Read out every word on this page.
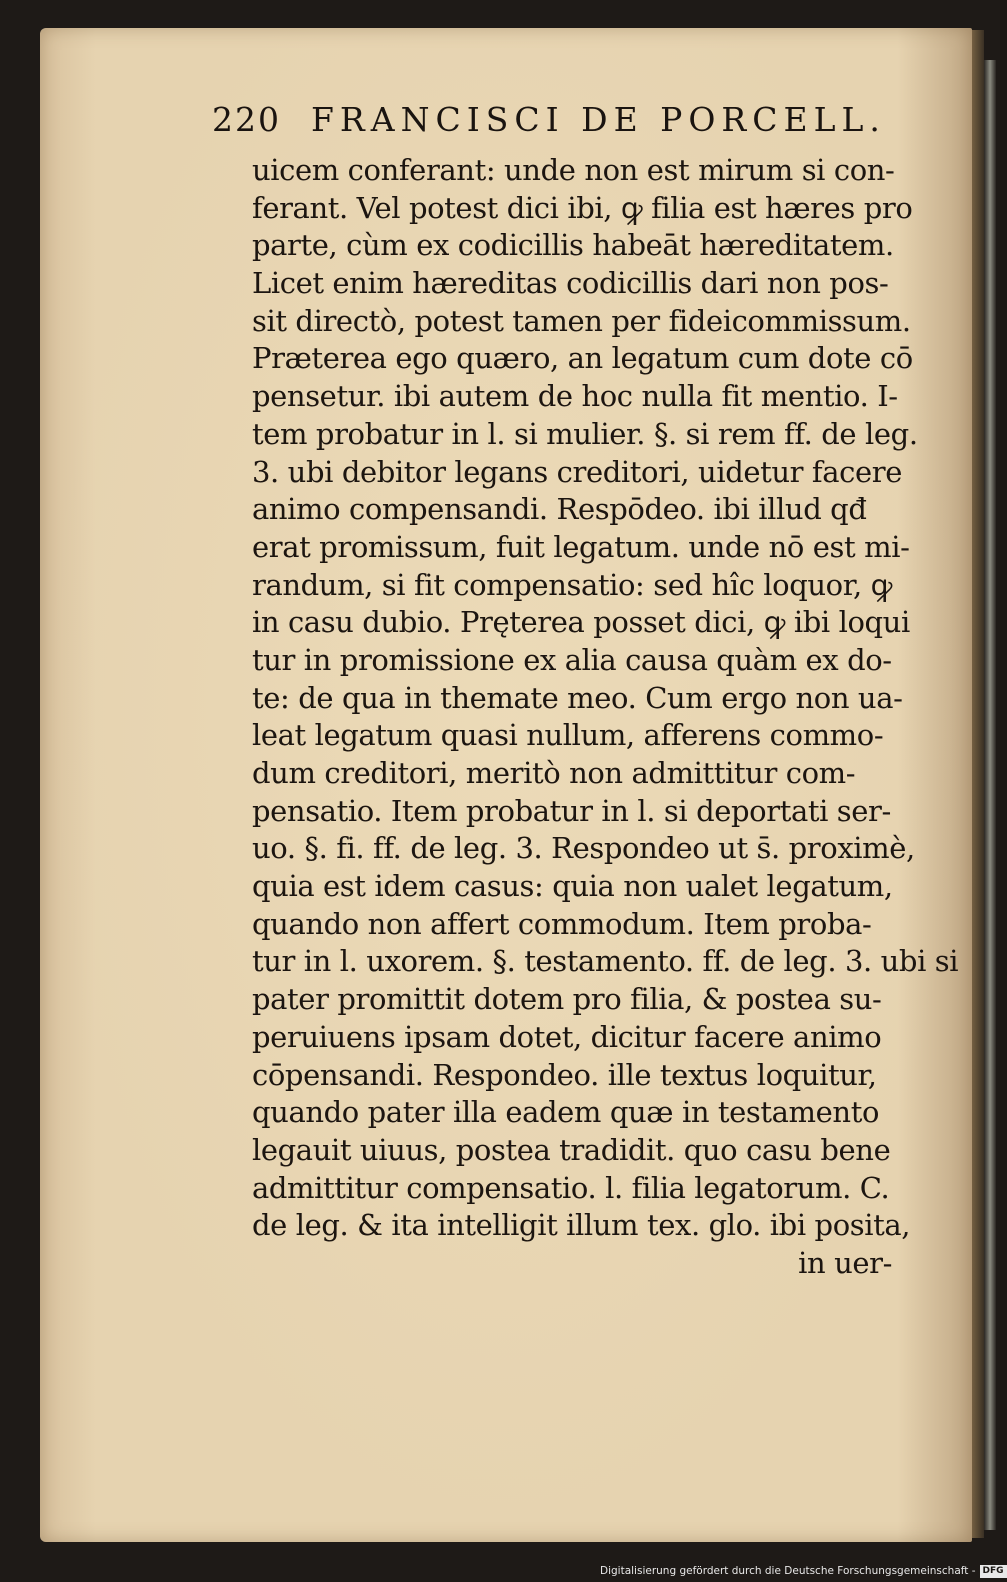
220 FRANCISCI DE PORCELL.
uicem conferant: unde non est mirum si con-
ferant. Vel potest dici ibi, ꝙ filia est hæres pro
parte, cùm ex codicillis habeāt hæreditatem.
Licet enim hæreditas codicillis dari non pos-
sit directò, potest tamen per fideicommissum.
Præterea ego quæro, an legatum cum dote cō
pensetur. ibi autem de hoc nulla fit mentio. I-
tem probatur in l. si mulier. §. si rem ff. de leg.
3. ubi debitor legans creditori, uidetur facere
animo compensandi. Respōdeo. ibi illud qđ
erat promissum, fuit legatum. unde nō est mi-
randum, si fit compensatio: sed hîc loquor, ꝙ
in casu dubio. Pręterea posset dici, ꝙ ibi loqui
tur in promissione ex alia causa quàm ex do-
te: de qua in themate meo. Cum ergo non ua-
leat legatum quasi nullum, afferens commo-
dum creditori, meritò non admittitur com-
pensatio. Item probatur in l. si deportati ser-
uo. §. fi. ff. de leg. 3. Respondeo ut s̄. proximè,
quia est idem casus: quia non ualet legatum,
quando non affert commodum. Item proba-
tur in l. uxorem. §. testamento. ff. de leg. 3. ubi si
pater promittit dotem pro filia, & postea su-
peruiuens ipsam dotet, dicitur facere animo
cōpensandi. Respondeo. ille textus loquitur,
quando pater illa eadem quæ in testamento
legauit uiuus, postea tradidit. quo casu bene
admittitur compensatio. l. filia legatorum. C.
de leg. & ita intelligit illum tex. glo. ibi posita,
in uer-
Digitalisierung gefördert durch die Deutsche Forschungsgemeinschaft - DFG
